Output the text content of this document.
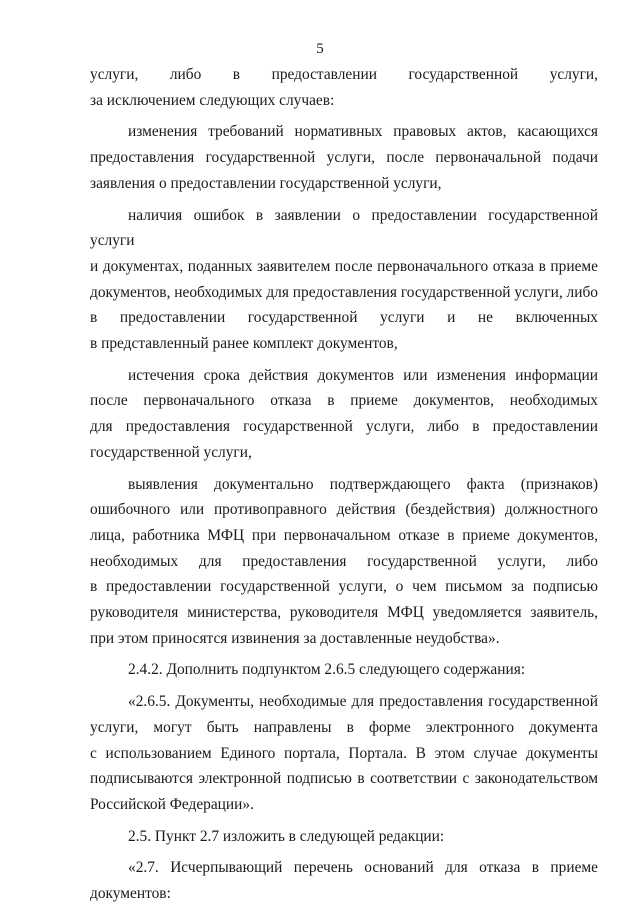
5
услуги, либо в предоставлении государственной услуги,
за исключением следующих случаев:
изменения требований нормативных правовых актов, касающихся
предоставления государственной услуги, после первоначальной подачи
заявления о предоставлении государственной услуги,
наличия ошибок в заявлении о предоставлении государственной услуги
и документах, поданных заявителем после первоначального отказа в приеме
документов, необходимых для предоставления государственной услуги, либо
в предоставлении государственной услуги и не включенных
в представленный ранее комплект документов,
истечения срока действия документов или изменения информации
после первоначального отказа в приеме документов, необходимых
для предоставления государственной услуги, либо в предоставлении
государственной услуги,
выявления документально подтверждающего факта (признаков)
ошибочного или противоправного действия (бездействия) должностного
лица, работника МФЦ при первоначальном отказе в приеме документов,
необходимых для предоставления государственной услуги, либо
в предоставлении государственной услуги, о чем письмом за подписью
руководителя министерства, руководителя МФЦ уведомляется заявитель,
при этом приносятся извинения за доставленные неудобства».
2.4.2. Дополнить подпунктом 2.6.5 следующего содержания:
«2.6.5. Документы, необходимые для предоставления государственной
услуги, могут быть направлены в форме электронного документа
с использованием Единого портала, Портала. В этом случае документы
подписываются электронной подписью в соответствии с законодательством
Российской Федерации».
2.5. Пункт 2.7 изложить в следующей редакции:
«2.7. Исчерпывающий перечень оснований для отказа в приеме
документов:
